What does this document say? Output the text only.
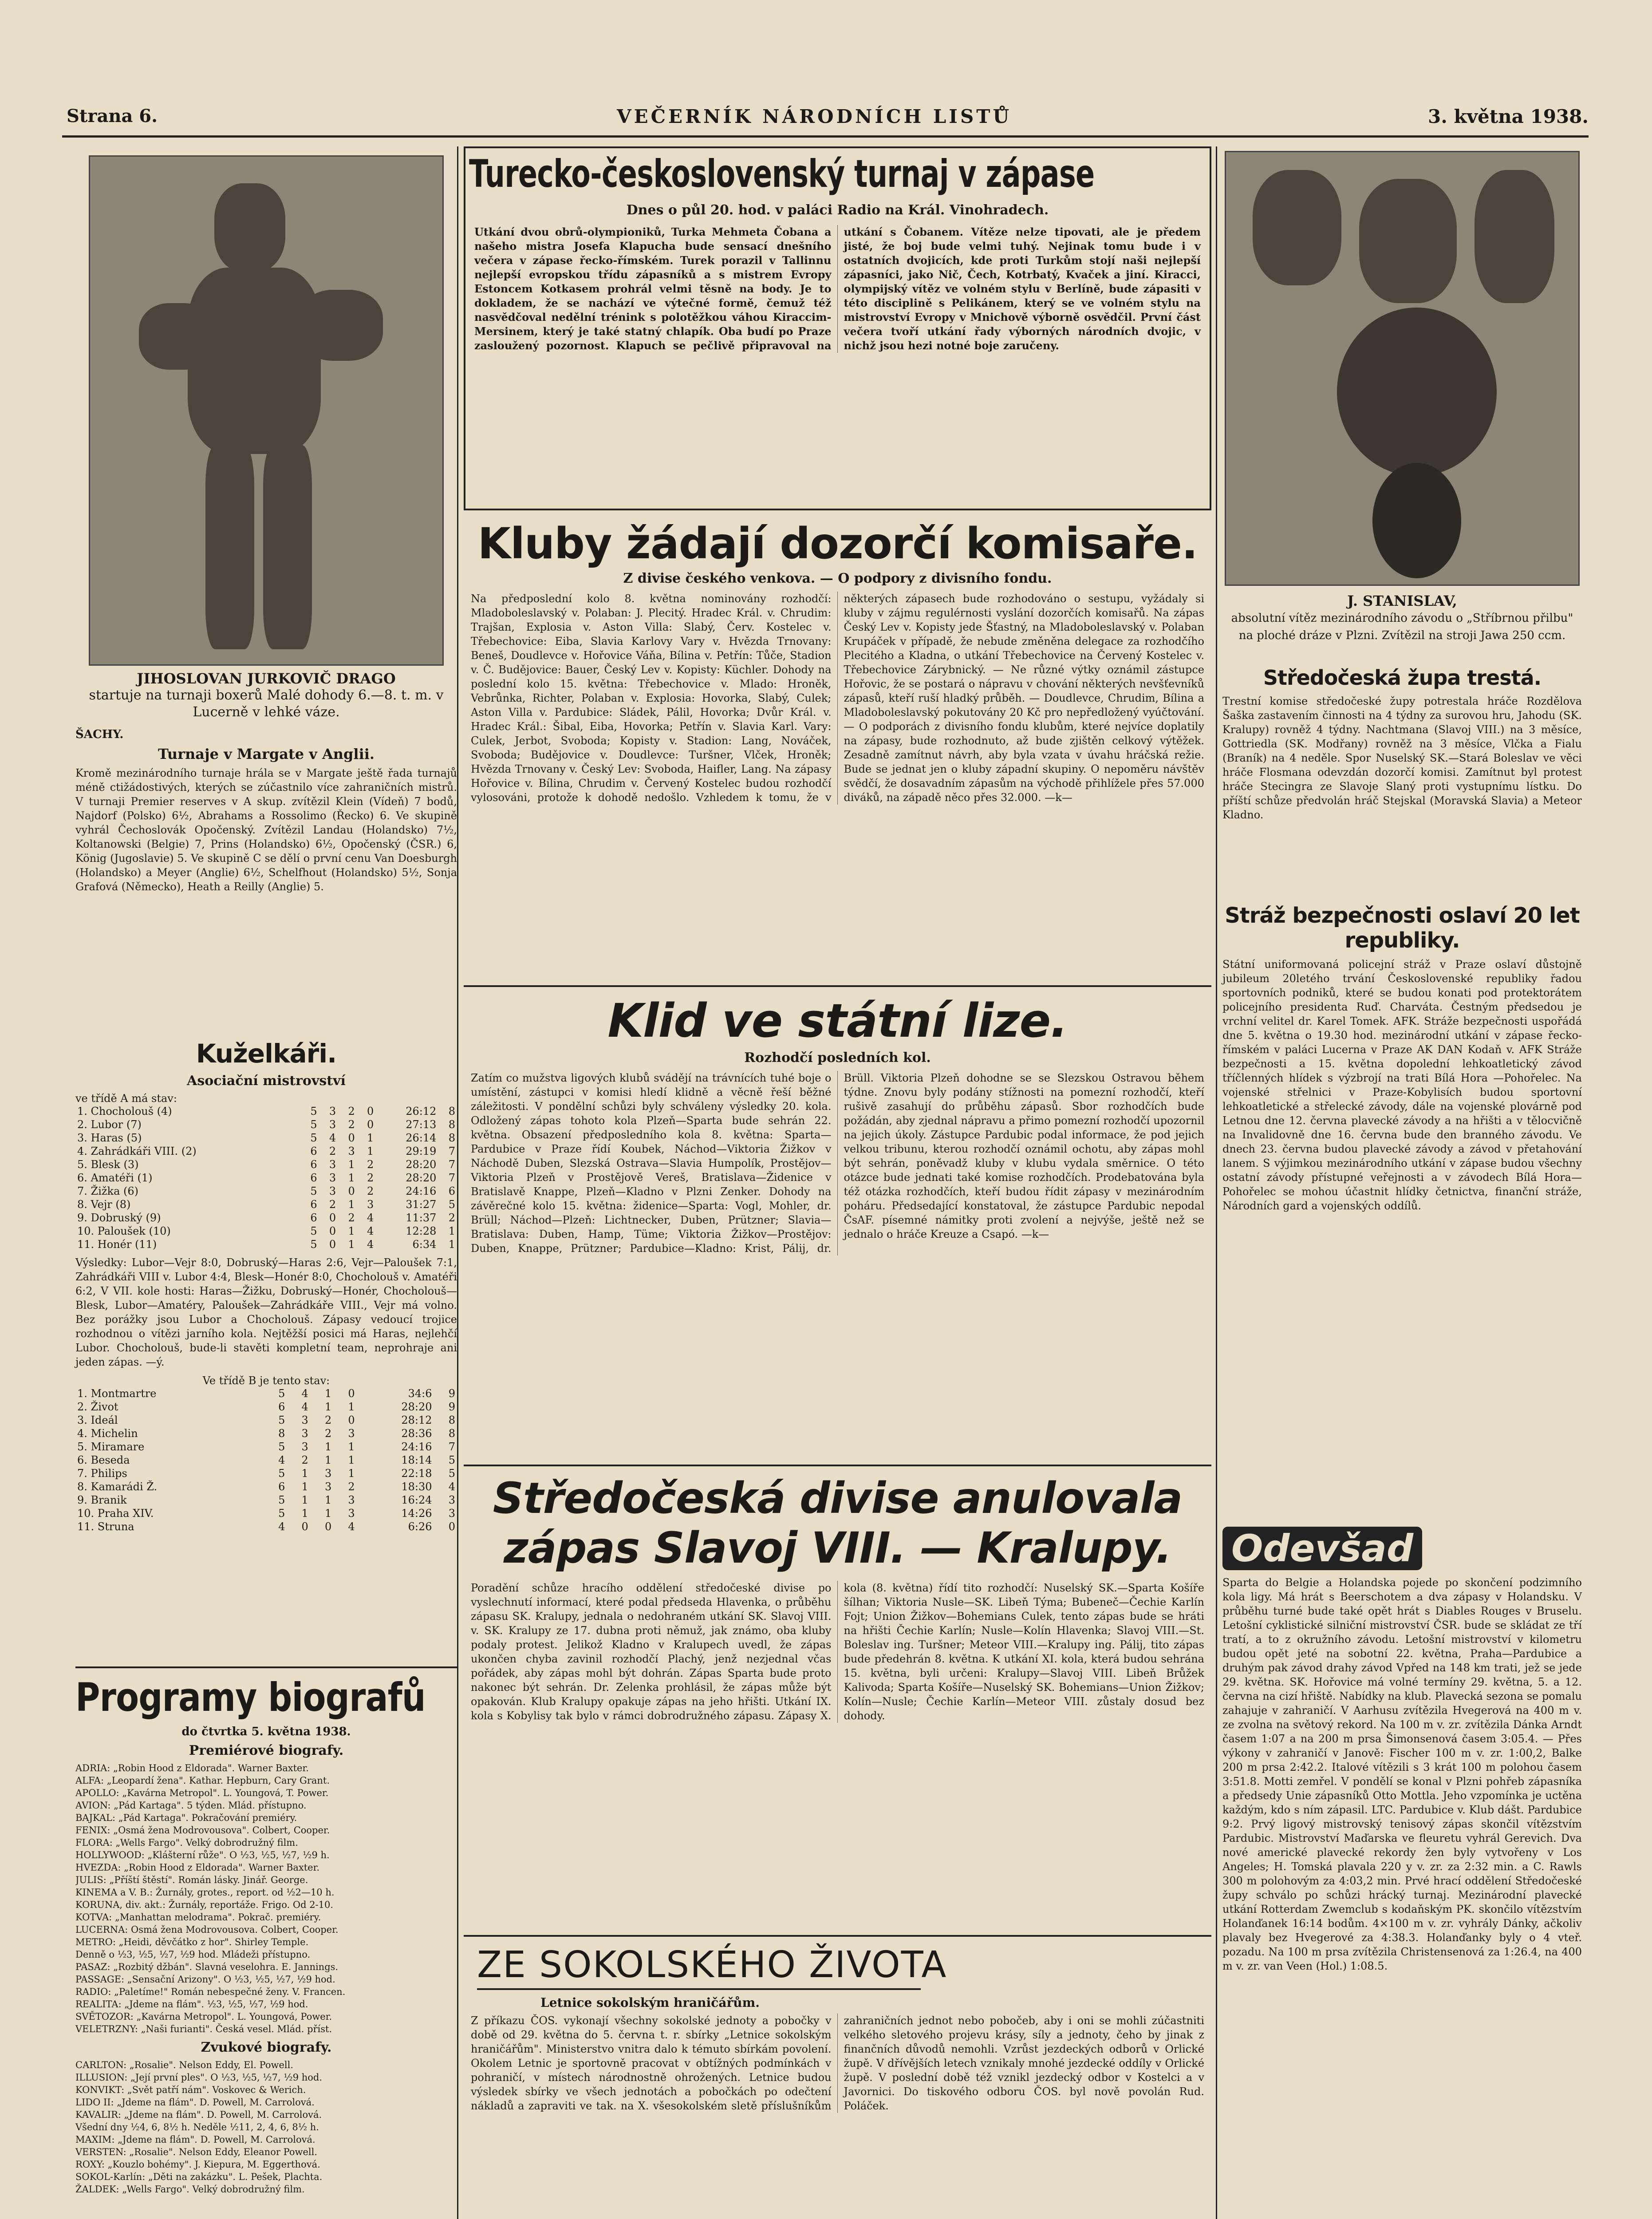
Strana 6.	VEČERNÍK NÁRODNÍCH LISTŮ	3. května 1938.
JIHOSLOVAN JURKOVIČ DRAGO
startuje na turnaji boxerů Malé dohody 6.—8. t. m. v Lucerně v lehké váze.
ŠACHY.
Turnaje v Margate v Anglii.
Kromě mezinárodního turnaje hrála se v Margate ještě řada turnajů méně ctižádostivých, kterých se zúčastnilo více zahraničních mistrů. V turnaji Premier reserves v A skup. zvítězil Klein (Vídeň) 7 bodů, Najdorf (Polsko) 6½, Abrahams a Rossolimo (Řecko) 6. Ve skupině vyhrál Čechoslovák Opočenský. Zvítězil Landau (Holandsko) 7½, Koltanowski (Belgie) 7, Prins (Holandsko) 6½, Opočenský (ČSR.) 6, König (Jugoslavie) 5. Ve skupině C se dělí o první cenu Van Doesburgh (Holandsko) a Meyer (Anglie) 6½, Schelfhout (Holandsko) 5½, Sonja Grafová (Německo), Heath a Reilly (Anglie) 5.
Kuželkáři.
Asociační mistrovství
ve třídě A má stav:
1. Chocholouš (4)	5	3	2	0	26:12	8
2. Lubor (7)	5	3	2	0	27:13	8
3. Haras (5)	5	4	0	1	26:14	8
4. Zahrádkáři VIII. (2)	6	2	3	1	29:19	7
5. Blesk (3)	6	3	1	2	28:20	7
6. Amatéři (1)	6	3	1	2	28:20	7
7. Žižka (6)	5	3	0	2	24:16	6
8. Vejr (8)	6	2	1	3	31:27	5
9. Dobruský (9)	6	0	2	4	11:37	2
10. Paloušek (10)	5	0	1	4	12:28	1
11. Honér (11)	5	0	1	4	6:34	1
Výsledky: Lubor—Vejr 8:0, Dobruský—Haras 2:6, Vejr—Paloušek 7:1, Zahrádkáři VIII v. Lubor 4:4, Blesk—Honér 8:0, Chocholouš v. Amatéři 6:2, V VII. kole hosti: Haras—Žižku, Dobruský—Honér, Chocholouš—Blesk, Lubor—Amatéry, Paloušek—Zahrádkáře VIII., Vejr má volno. Bez porážky jsou Lubor a Chocholouš. Zápasy vedoucí trojice rozhodnou o vítězi jarního kola. Nejtěžší posici má Haras, nejlehčí Lubor. Chocholouš, bude-li stavěti kompletní team, neprohraje ani jeden zápas. —ý.
Ve třídě B je tento stav:
1. Montmartre	5	4	1	0	34:6	9
2. Život	6	4	1	1	28:20	9
3. Ideál	5	3	2	0	28:12	8
4. Michelin	8	3	2	3	28:36	8
5. Miramare	5	3	1	1	24:16	7
6. Beseda	4	2	1	1	18:14	5
7. Philips	5	1	3	1	22:18	5
8. Kamarádi Ž.	6	1	3	2	18:30	4
9. Branik	5	1	1	3	16:24	3
10. Praha XIV.	5	1	1	3	14:26	3
11. Struna	4	0	0	4	6:26	0
Programy biografů
do čtvrtka 5. května 1938.
Premiérové biografy.
ADRIA: „Robin Hood z Eldorada". Warner Baxter.
ALFA: „Leopardí žena". Kathar. Hepburn, Cary Grant.
APOLLO: „Kavárna Metropol". L. Youngová, T. Power.
AVION: „Pád Kartaga". 5 týden. Mlád. přístupno.
BAJKAL: „Pád Kartaga". Pokračování premiéry.
FENIX: „Osmá žena Modrovousova". Colbert, Cooper.
FLORA: „Wells Fargo". Velký dobrodružný film.
HOLLYWOOD: „Klášterní růže". O ½3, ½5, ½7, ½9 h.
HVEZDA: „Robin Hood z Eldorada". Warner Baxter.
JULIS: „Příští štěstí". Román lásky. Jinář. George.
KINEMA a V. B.: Žurnály, grotes., report. od ½2—10 h.
KORUNA, div. akt.: Žurnály, reportáže. Frigo. Od 2-10.
KOTVA: „Manhattan melodrama". Pokrač. premiéry.
LUCERNA: Osmá žena Modrovousova. Colbert, Cooper.
METRO: „Heidi, děvčátko z hor". Shirley Temple.
Denně o ½3, ½5, ½7, ½9 hod. Mládeži přístupno.
PASAZ: „Rozbitý džbán". Slavná veselohra. E. Jannings.
PASSAGE: „Sensační Arizony". O ½3, ½5, ½7, ½9 hod.
RADIO: „Paletíme!" Román nebespečné ženy. V. Francen.
REALITA: „Jdeme na flám". ½3, ½5, ½7, ½9 hod.
SVĚTOZOR: „Kavárna Metropol". L. Youngová, Power.
VELETRZNY: „Naši furianti". Česká vesel. Mlád. příst.
Zvukové biografy.
CARLTON: „Rosalie". Nelson Eddy, El. Powell.
ILLUSION: „Její první ples". O ½3, ½5, ½7, ½9 hod.
KONVIKT: „Svět patří nám". Voskovec & Werich.
LIDO II: „Jdeme na flám". D. Powell, M. Carrolová.
KAVALIR: „Jdeme na flám". D. Powell, M. Carrolová.
Všední dny ½4, 6, 8½ h. Neděle ½11, 2, 4, 6, 8½ h.
MAXIM: „Jdeme na flám". D. Powell, M. Carrolová.
VERSTEN: „Rosalie". Nelson Eddy, Eleanor Powell.
ROXY: „Kouzlo bohémy". J. Kiepura, M. Eggerthová.
SOKOL-Karlín: „Děti na zakázku". L. Pešek, Plachta.
ŽALDEK: „Wells Fargo". Velký dobrodružný film.
Turecko-československý turnaj v zápase
Dnes o půl 20. hod. v paláci Radio na Král. Vinohradech.
Utkání dvou obrů-olympioniků, Turka Mehmeta Čobana a našeho mistra Josefa Klapucha bude sensací dnešního večera v zápase řecko-římském. Turek porazil v Tallinnu nejlepší evropskou třídu zápasníků a s mistrem Evropy Estoncem Kotkasem prohrál velmi těsně na body. Je to dokladem, že se nachází ve výtečné formě, čemuž též nasvědčoval nedělní trénink s polotěžkou váhou Kiraccim-Mersinem, který je také statný chlapík. Oba budí po Praze zasloužený pozornost. Klapuch se pečlivě připravoval na utkání s Čobanem. Vítěze nelze tipovati, ale je předem jisté, že boj bude velmi tuhý. Nejinak tomu bude i v ostatních dvojicích, kde proti Turkům stojí naši nejlepší zápasníci, jako Nič, Čech, Kotrbatý, Kvaček a jiní. Kiracci, olympijský vítěz ve volném stylu v Berlíně, bude zápasiti v této disciplině s Pelikánem, který se ve volném stylu na mistrovství Evropy v Mnichově výborně osvědčil. První část večera tvoří utkání řady výborných národních dvojic, v nichž jsou hezi notné boje zaručeny.
Kluby žádají dozorčí komisaře.
Z divise českého venkova. — O podpory z divisního fondu.
Na předposlední kolo 8. května nominovány rozhodčí: Mladoboleslavský v. Polaban: J. Plecitý. Hradec Král. v. Chrudim: Trajšan, Explosia v. Aston Villa: Slabý, Červ. Kostelec v. Třebechovice: Eiba, Slavia Karlovy Vary v. Hvězda Trnovany: Beneš, Doudlevce v. Hořovice Váňa, Bílina v. Petřín: Tůče, Stadion v. Č. Budějovice: Bauer, Český Lev v. Kopisty: Küchler. Dohody na poslední kolo 15. května: Třebechovice v. Mlado: Hroněk, Vebrůnka, Richter, Polaban v. Explosia: Hovorka, Slabý, Culek; Aston Villa v. Pardubice: Sládek, Pálil, Hovorka; Dvůr Král. v. Hradec Král.: Šibal, Eiba, Hovorka; Petřín v. Slavia Karl. Vary: Culek, Jerbot, Svoboda; Kopisty v. Stadion: Lang, Nováček, Svoboda; Budějovice v. Doudlevce: Turšner, Vlček, Hroněk; Hvězda Trnovany v. Český Lev: Svoboda, Haifler, Lang. Na zápasy Hořovice v. Bílina, Chrudim v. Červený Kostelec budou rozhodčí vylosováni, protože k dohodě nedošlo. Vzhledem k tomu, že v některých zápasech bude rozhodováno o sestupu, vyžádaly si kluby v zájmu regulérnosti vyslání dozorčích komisařů. Na zápas Český Lev v. Kopisty jede Šťastný, na Mladoboleslavský v. Polaban Krupáček v případě, že nebude změněna delegace za rozhodčího Plecitého a Kladna, o utkání Třebechovice na Červený Kostelec v. Třebechovice Zárybnický. — Ne různé výtky oznámil zástupce Hořovic, že se postará o nápravu v chování některých nevšťevníků zápasů, kteří ruší hladký průběh. — Doudlevce, Chrudim, Bílina a Mladoboleslavský pokutovány 20 Kč pro nepředložený vyúčtování. — O podporách z divisního fondu klubům, které nejvíce doplatily na zápasy, bude rozhodnuto, až bude zjištěn celkový výtěžek. Zesadně zamítnut návrh, aby byla vzata v úvahu hráčská režie. Bude se jednat jen o kluby západní skupiny. O nepoměru návštěv svědčí, že dosavadním zápasům na východě přihlížele přes 57.000 diváků, na západě něco přes 32.000. —k—
Klid ve státní lize.
Rozhodčí posledních kol.
Zatím co mužstva ligových klubů svádějí na trávnících tuhé boje o umístění, zástupci v komisi hledí klidně a věcně řeší běžné záležitosti. V pondělní schůzi byly schváleny výsledky 20. kola. Odložený zápas tohoto kola Plzeň—Sparta bude sehrán 22. května. Obsazení předposledního kola 8. května: Sparta—Pardubice v Praze řídí Koubek, Náchod—Viktoria Žižkov v Náchodě Duben, Slezská Ostrava—Slavia Humpolík, Prostějov—Viktoria Plzeň v Prostějově Vereš, Bratislava—Židenice v Bratislavě Knappe, Plzeň—Kladno v Plzni Zenker. Dohody na závěrečné kolo 15. května: židenice—Sparta: Vogl, Mohler, dr. Brüll; Náchod—Plzeň: Lichtnecker, Duben, Prützner; Slavia—Bratislava: Duben, Hamp, Tüme; Viktoria Žižkov—Prostějov: Duben, Knappe, Prützner; Pardubice—Kladno: Krist, Pálij, dr. Brüll. Viktoria Plzeň dohodne se se Slezskou Ostravou během týdne. Znovu byly podány stížnosti na pomezní rozhodčí, kteří rušivě zasahují do průběhu zápasů. Sbor rozhodčích bude požádán, aby zjednal nápravu a přimo pomezní rozhodčí upozornil na jejich úkoly. Zástupce Pardubic podal informace, že pod jejich velkou tribunu, kterou rozhodčí oznámil ochotu, aby zápas mohl být sehrán, poněvadž kluby v klubu vydala směrnice. O této otázce bude jednati také komise rozhodčích. Prodebatována byla též otázka rozhodčích, kteří budou řídit zápasy v mezinárodním poháru. Předsedající konstatoval, že zástupce Pardubic nepodal ČsAF. písemné námitky proti zvolení a nejvýše, ještě než se jednalo o hráče Kreuze a Csapó. —k—
Středočeská divise anulovala zápas Slavoj VIII. — Kralupy.
Poradění schůze hracího oddělení středočeské divise po vyslechnutí informací, které podal předseda Hlavenka, o průběhu zápasu SK. Kralupy, jednala o nedohraném utkání SK. Slavoj VIII. v. SK. Kralupy ze 17. dubna proti němuž, jak známo, oba kluby podaly protest. Jelikož Kladno v Kralupech uvedl, že zápas ukončen chyba zavinil rozhodčí Plachý, jenž nezjednal včas pořádek, aby zápas mohl být dohrán. Zápas Sparta bude proto nakonec být sehrán. Dr. Zelenka prohlásil, že zápas může být opakován. Klub Kralupy opakuje zápas na jeho hřišti. Utkání IX. kola s Kobylisy tak bylo v rámci dobrodružného zápasu. Zápasy X. kola (8. května) řídí tito rozhodčí: Nuselský SK.—Sparta Košíře šílhan; Viktoria Nusle—SK. Libeň Týma; Bubeneč—Čechie Karlín Fojt; Union Žižkov—Bohemians Culek, tento zápas bude se hráti na hřišti Čechie Karlín; Nusle—Kolín Hlavenka; Slavoj VIII.—St. Boleslav ing. Turšner; Meteor VIII.—Kralupy ing. Pálij, tito zápas bude předehrán 8. května. K utkání XI. kola, která budou sehrána 15. května, byli určeni: Kralupy—Slavoj VIII. Libeň Brůžek Kalivoda; Sparta Košíře—Nuselský SK. Bohemians—Union Žižkov; Kolín—Nusle; Čechie Karlín—Meteor VIII. zůstaly dosud bez dohody.
ZE SOKOLSKÉHO ŽIVOTA
Letnice sokolským hraničářům.
Z příkazu ČOS. vykonají všechny sokolské jednoty a pobočky v době od 29. května do 5. června t. r. sbírky „Letnice sokolským hraničářům". Ministerstvo vnitra dalo k témuto sbírkám povolení. Okolem Letnic je sportovně pracovat v obtížných podmínkách v pohraničí, v místech národnostně ohrožených. Letnice budou výsledek sbírky ve všech jednotách a pobočkách po odečtení nákladů a zapraviti ve tak. na X. všesokolském sletě příslušníkům zahraničních jednot nebo pobočeb, aby i oni se mohli zúčastniti velkého sletového projevu krásy, síly a jednoty, čeho by jinak z finančních důvodů nemohli. Vzrůst jezdeckých odborů v Orlické župě. V dřívějších letech vznikaly mnohé jezdecké oddíly v Orlické župě. V poslední době též vznikl jezdecký odbor v Kostelci a v Javornici. Do tiskového odboru ČOS. byl nově povolán Rud. Poláček.
J. STANISLAV,
absolutní vítěz mezinárodního závodu o „Stříbrnou přilbu" na ploché dráze v Plzni. Zvítězil na stroji Jawa 250 ccm.
Středočeská župa trestá.
Trestní komise středočeské župy potrestala hráče Rozdělova Šaška zastavením činnosti na 4 týdny za surovou hru, Jahodu (SK. Kralupy) rovněž 4 týdny. Nachtmana (Slavoj VIII.) na 3 měsíce, Gottriedla (SK. Modřany) rovněž na 3 měsíce, Vlčka a Fialu (Braník) na 4 neděle. Spor Nuselský SK.—Stará Boleslav ve věci hráče Flosmana odevzdán dozorčí komisi. Zamítnut byl protest hráče Stecingra ze Slavoje Slaný proti vystupnímu lístku. Do příští schůze předvolán hráč Stejskal (Moravská Slavia) a Meteor Kladno.
Stráž bezpečnosti oslaví 20 let republiky.
Státní uniformovaná policejní stráž v Praze oslaví důstojně jubileum 20letého trvání Československé republiky řadou sportovních podniků, které se budou konati pod protektorátem policejního presidenta Ruď. Charváta. Čestným předsedou je vrchní velitel dr. Karel Tomek. AFK. Stráže bezpečnosti uspořádá dne 5. května o 19.30 hod. mezinárodní utkání v zápase řecko-římském v paláci Lucerna v Praze AK DAN Kodaň v. AFK Stráže bezpečnosti a 15. května dopolední lehkoatletický závod tříčlenných hlídek s výzbrojí na trati Bílá Hora —Pohořelec. Na vojenské střelnici v Praze-Kobylisích budou sportovní lehkoatletické a střelecké závody, dále na vojenské plovárně pod Letnou dne 12. června plavecké závody a na hřišti a v tělocvičně na Invalidovně dne 16. června bude den branného závodu. Ve dnech 23. června budou plavecké závody a závod v přetahování lanem. S výjimkou mezinárodního utkání v zápase budou všechny ostatní závody přístupné veřejnosti a v závodech Bílá Hora—Pohořelec se mohou účastnit hlídky četnictva, finanční stráže, Národních gard a vojenských oddílů.
Odevšad
Sparta do Belgie a Holandska pojede po skončení podzimního kola ligy. Má hrát s Beerschotem a dva zápasy v Holandsku. V průběhu turné bude také opět hrát s Diables Rouges v Bruselu. Letošní cyklistické silniční mistrovství ČSR. bude se skládat ze tří tratí, a to z okružního závodu. Letošní mistrovství v kilometru budou opět jeté na sobotní 22. května, Praha—Pardubice a druhým pak závod drahy závod Vpřed na 148 km trati, jež se jede 29. května. SK. Hořovice má volné termíny 29. května, 5. a 12. června na cizí hřiště. Nabídky na klub. Plavecká sezona se pomalu zahajuje v zahraničí. V Aarhusu zvítězila Hvegerová na 400 m v. ze zvolna na světový rekord. Na 100 m v. zr. zvítězila Dánka Arndt časem 1:07 a na 200 m prsa Šimonsenová časem 3:05.4. — Přes výkony v zahraničí v Janově: Fischer 100 m v. zr. 1:00,2, Balke 200 m prsa 2:42.2. Italové vítězili s 3 krát 100 m polohou časem 3:51.8. Motti zemřel. V pondělí se konal v Plzni pohřeb zápasníka a předsedy Unie zápasníků Otto Mottla. Jeho vzpomínka je uctěna každým, kdo s ním zápasil. LTC. Pardubice v. Klub dášt. Pardubice 9:2. Prvý ligový mistrovský tenisový zápas skončil vítězstvím Pardubic. Mistrovství Maďarska ve fleuretu vyhrál Gerevich. Dva nové americké plavecké rekordy žen byly vytvořeny v Los Angeles; H. Tomská plavala 220 y v. zr. za 2:32 min. a C. Rawls 300 m polohovým za 4:03,2 min. Prvé hrací oddělení Středočeské župy schválo po schůzi hrácký turnaj. Mezinárodní plavecké utkání Rotterdam Zwemclub s kodaňským PK. skončilo vítězstvím Holanďanek 16:14 bodům. 4×100 m v. zr. vyhrály Dánky, ačkoliv plavaly bez Hvegerové za 4:38.3. Holanďanky byly o 4 vteř. pozadu. Na 100 m prsa zvítězila Christensenová za 1:26.4, na 400 m v. zr. van Veen (Hol.) 1:08.5.
